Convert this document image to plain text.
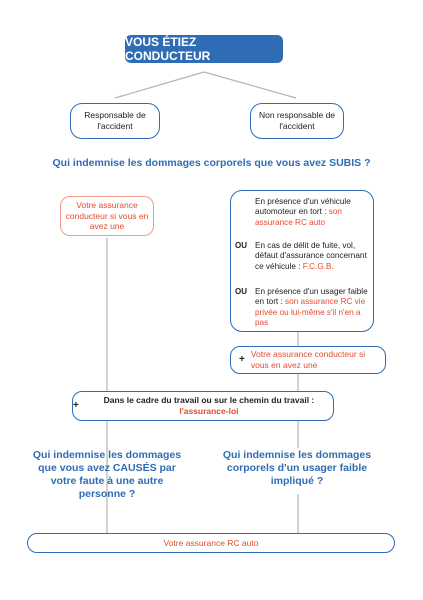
VOUS ÉTIEZ CONDUCTEUR
Responsable de l'accident
Non responsable de l'accident
Qui indemnise les dommages corporels que vous avez SUBIS ?
Votre assurance conducteur si vous en avez une
En présence d'un véhicule automoteur en tort : son assurance RC auto
OU En cas de délit de fuite, vol, défaut d'assurance concernant ce véhicule : F.C.G.B.
OU En présence d'un usager faible en tort : son assurance RC vie privée ou lui-même s'il n'en a pas
+ Votre assurance conducteur si vous en avez une
+	Dans le cadre du travail ou sur le chemin du travail : l'assurance-loi
Qui indemnise les dommages que vous avez CAUSÉS par votre faute à une autre personne ?
Qui indemnise les dommages corporels d'un usager faible impliqué ?
Votre assurance RC auto
